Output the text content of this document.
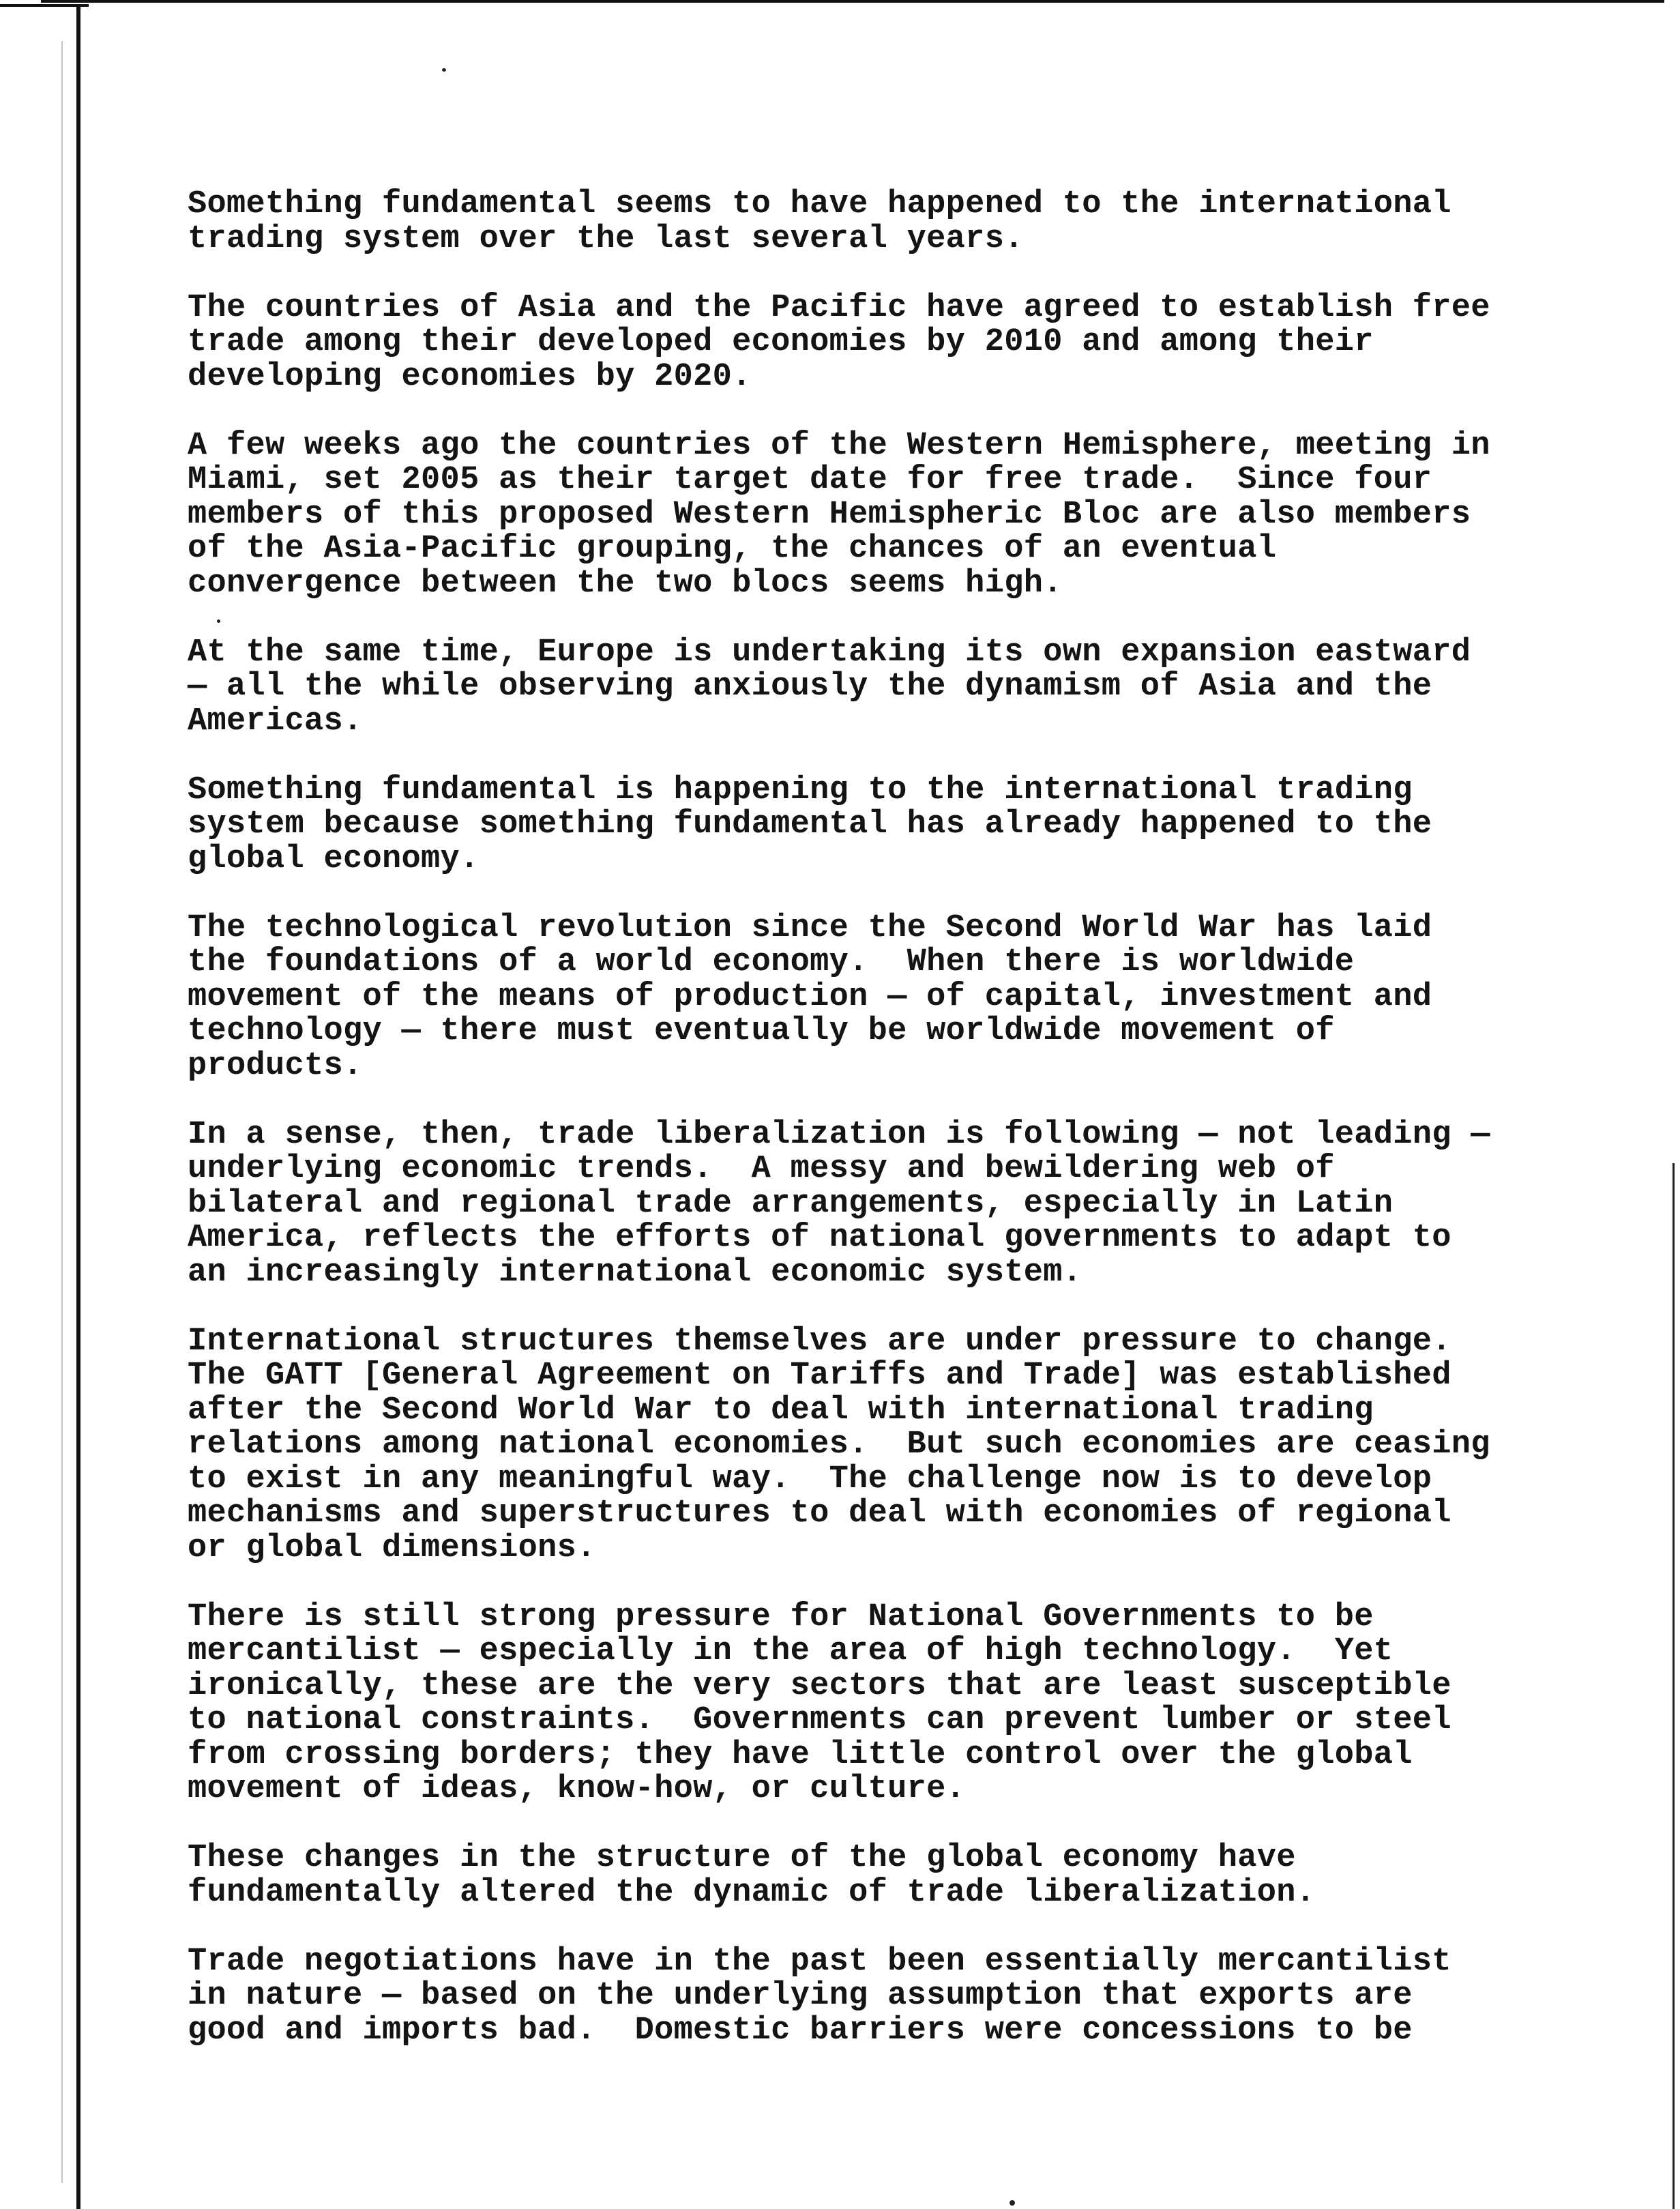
Something fundamental seems to have happened to the international
trading system over the last several years.

The countries of Asia and the Pacific have agreed to establish free
trade among their developed economies by 2010 and among their
developing economies by 2020.

A few weeks ago the countries of the Western Hemisphere, meeting in
Miami, set 2005 as their target date for free trade.  Since four
members of this proposed Western Hemispheric Bloc are also members
of the Asia-Pacific grouping, the chances of an eventual
convergence between the two blocs seems high.

At the same time, Europe is undertaking its own expansion eastward
— all the while observing anxiously the dynamism of Asia and the
Americas.

Something fundamental is happening to the international trading
system because something fundamental has already happened to the
global economy.

The technological revolution since the Second World War has laid
the foundations of a world economy.  When there is worldwide
movement of the means of production — of capital, investment and
technology — there must eventually be worldwide movement of
products.

In a sense, then, trade liberalization is following — not leading —
underlying economic trends.  A messy and bewildering web of
bilateral and regional trade arrangements, especially in Latin
America, reflects the efforts of national governments to adapt to
an increasingly international economic system.

International structures themselves are under pressure to change.
The GATT [General Agreement on Tariffs and Trade] was established
after the Second World War to deal with international trading
relations among national economies.  But such economies are ceasing
to exist in any meaningful way.  The challenge now is to develop
mechanisms and superstructures to deal with economies of regional
or global dimensions.

There is still strong pressure for National Governments to be
mercantilist — especially in the area of high technology.  Yet
ironically, these are the very sectors that are least susceptible
to national constraints.  Governments can prevent lumber or steel
from crossing borders; they have little control over the global
movement of ideas, know-how, or culture.

These changes in the structure of the global economy have
fundamentally altered the dynamic of trade liberalization.

Trade negotiations have in the past been essentially mercantilist
in nature — based on the underlying assumption that exports are
good and imports bad.  Domestic barriers were concessions to be
